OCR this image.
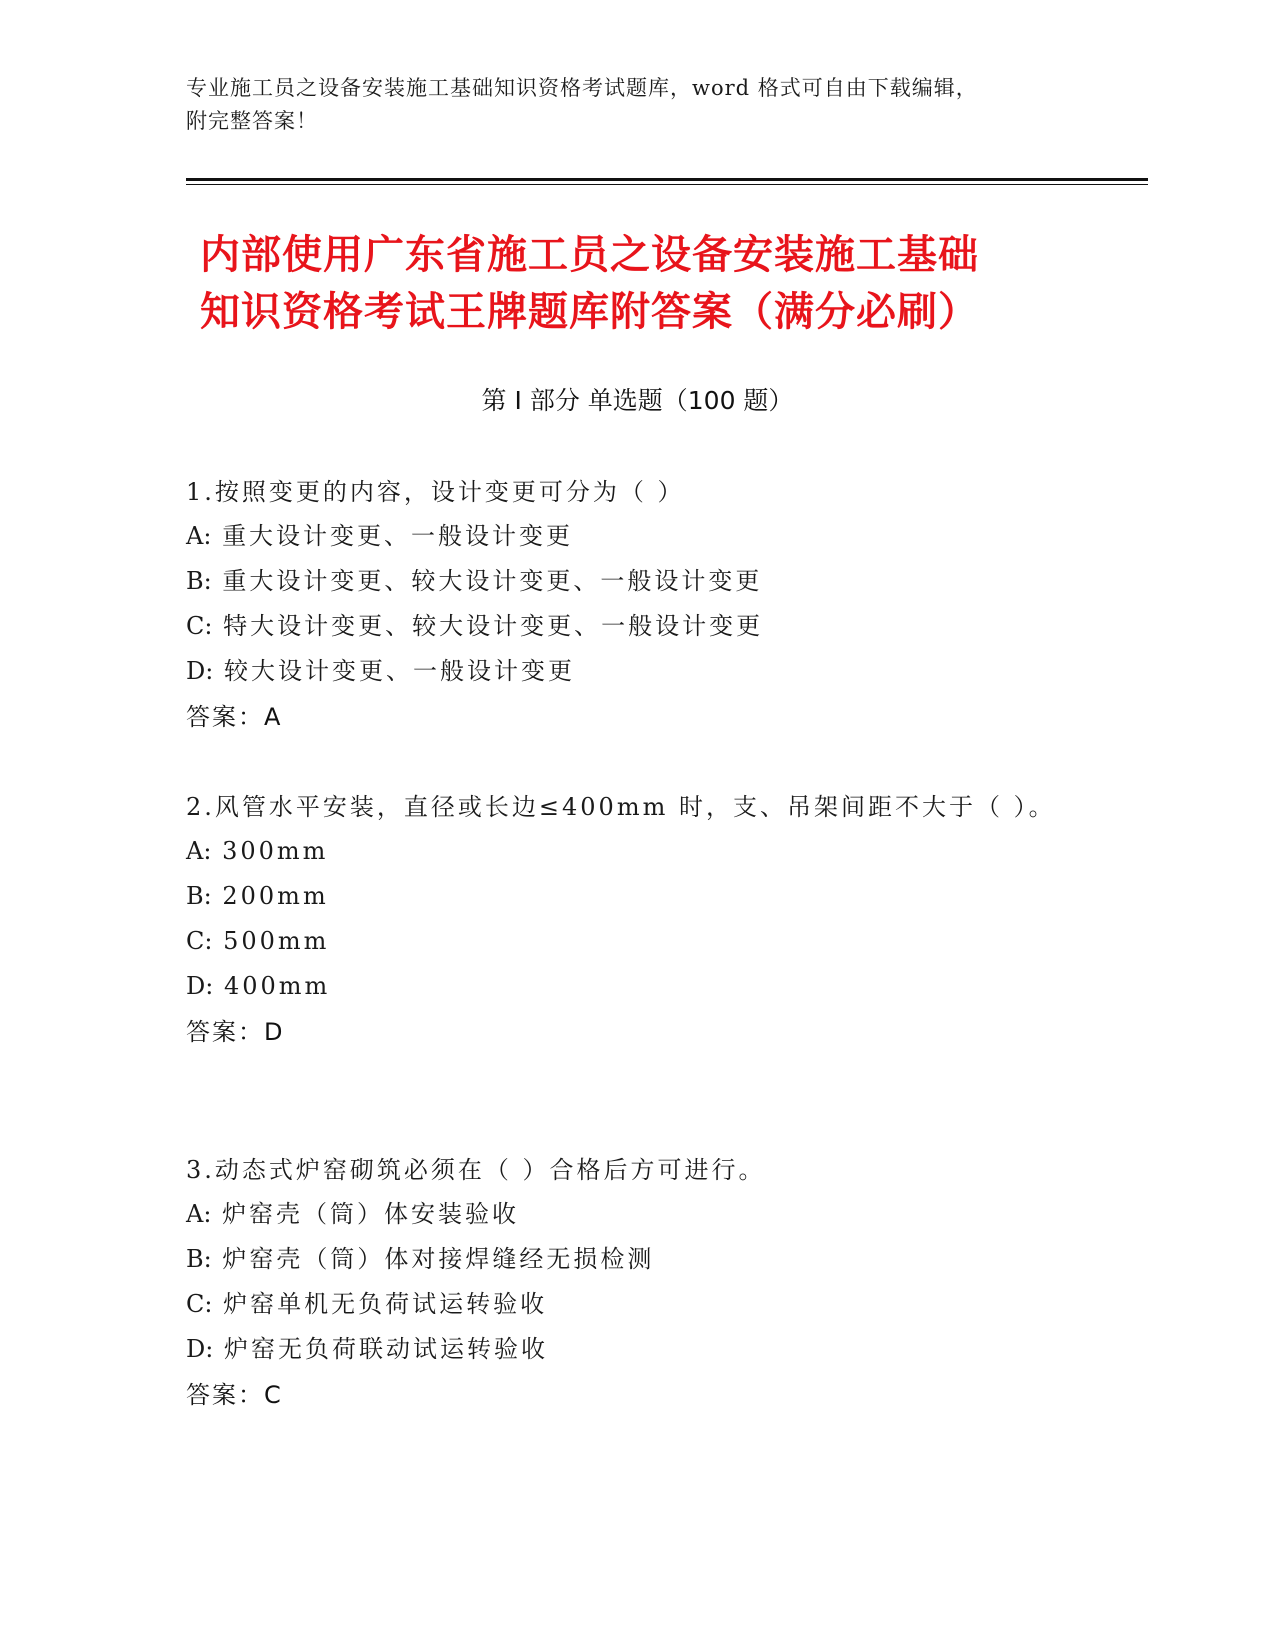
专业施工员之设备安装施工基础知识资格考试题库，word 格式可自由下载编辑，
附完整答案！
内部使用广东省施工员之设备安装施工基础
知识资格考试王牌题库附答案（满分必刷）
第 I 部分 单选题（100 题）
1.按照变更的内容，设计变更可分为（ ）
A: 重大设计变更、一般设计变更
B: 重大设计变更、较大设计变更、一般设计变更
C: 特大设计变更、较大设计变更、一般设计变更
D: 较大设计变更、一般设计变更
答案：A
2.风管水平安装，直径或长边≤400mm 时，支、吊架间距不大于（ ）。
A: 300mm
B: 200mm
C: 500mm
D: 400mm
答案：D
3.动态式炉窑砌筑必须在（ ）合格后方可进行。
A: 炉窑壳（筒）体安装验收
B: 炉窑壳（筒）体对接焊缝经无损检测
C: 炉窑单机无负荷试运转验收
D: 炉窑无负荷联动试运转验收
答案：C
